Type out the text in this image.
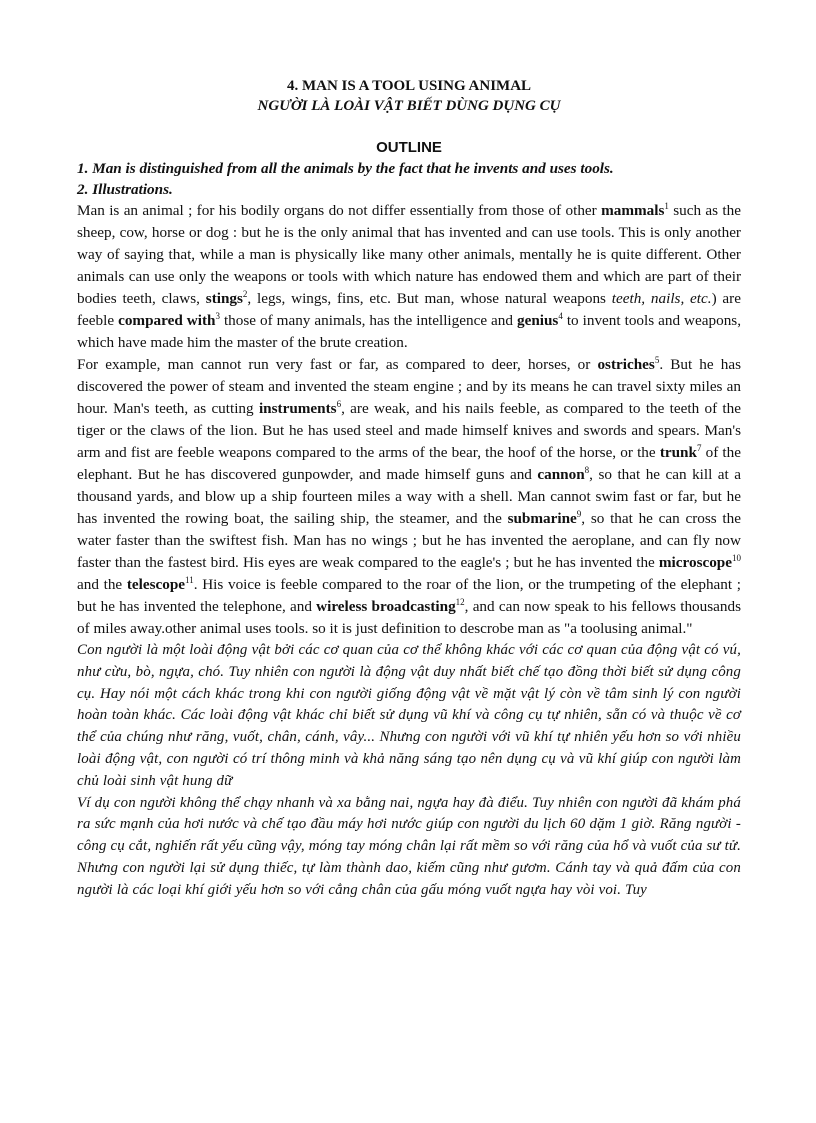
4. MAN IS A TOOL USING ANIMAL
NGƯỜI LÀ LOÀI VẬT BIẾT DÙNG DỤNG CỤ
OUTLINE
1. Man is distinguished from all the animals by the fact that he invents and uses tools.
2. Illustrations.

Man is an animal ; for his bodily organs do not differ essentially from those of other mammals$^1$ such as the sheep, cow, horse or dog : but he is the only animal that has invented and can use tools. This is only another way of saying that, while a man is physically like many other animals, mentally he is quite different. Other animals can use only the weapons or tools with which nature has endowed them and which are part of their bodies teeth, claws, stings$^2$, legs, wings, fins, etc. But man, whose natural weapons teeth, nails, etc.) are feeble compared with$^3$ those of many animals, has the intelligence and genius$^4$ to invent tools and weapons, which have made him the master of the brute creation.

For example, man cannot run very fast or far, as compared to deer, horses, or ostriches$^5$. But he has discovered the power of steam and invented the steam engine ; and by its means he can travel sixty miles an hour. Man's teeth, as cutting instruments$^6$, are weak, and his nails feeble, as compared to the teeth of the tiger or the claws of the lion. But he has used steel and made himself knives and swords and spears. Man's arm and fist are feeble weapons compared to the arms of the bear, the hoof of the horse, or the trunk$^7$ of the elephant. But he has discovered gunpowder, and made himself guns and cannon$^8$, so that he can kill at a thousand yards, and blow up a ship fourteen miles a way with a shell. Man cannot swim fast or far, but he has invented the rowing boat, the sailing ship, the steamer, and the submarine$^9$, so that he can cross the water faster than the swiftest fish. Man has no wings ; but he has invented the aeroplane, and can fly now faster than the fastest bird. His eyes are weak compared to the eagle's ; but he has invented the microscope$^{10}$ and the telescope$^{11}$. His voice is feeble compared to the roar of the lion, or the trumpeting of the elephant ; but he has invented the telephone, and wireless broadcasting$^{12}$, and can now speak to his fellows thousands of miles away.other animal uses tools. so it is just definition to descrobe man as "a toolusing animal."

Con người là một loài động vật bởi các cơ quan của cơ thể không khác với các cơ quan của động vật có vú, như cừu, bò, ngựa, chó. Tuy nhiên con người là động vật duy nhất biết chế tạo đồng thời biết sử dụng công cụ. Hay nói một cách khác trong khi con người giống động vật về mặt vật lý còn về tâm sinh lý con người hoàn toàn khác. Các loài động vật khác chỉ biết sử dụng vũ khí và công cụ tự nhiên, sẵn có và thuộc về cơ thể của chúng như răng, vuốt, chân, cánh, vây... Nhưng con người với vũ khí tự nhiên yếu hơn so với nhiều loài động vật, con người có trí thông minh và khả năng sáng tạo nên dụng cụ và vũ khí giúp con người làm chủ loài sinh vật hung dữ

Ví dụ con người không thể chạy nhanh và xa bằng nai, ngựa hay đà điểu. Tuy nhiên con người đã khám phá ra sức mạnh của hơi nước và chế tạo đầu máy hơi nước giúp con người du lịch 60 dặm 1 giờ. Răng người - công cụ cắt, nghiến rất yếu cũng vậy, móng tay móng chân lại rất mềm so với răng của hổ và vuốt của sư tử. Nhưng con người lại sử dụng thiếc, tự làm thành dao, kiếm cũng như gươm. Cánh tay và quả đấm của con người là các loại khí giới yếu hơn so với cẳng chân của gấu móng vuốt ngựa hay vòi voi. Tuy
